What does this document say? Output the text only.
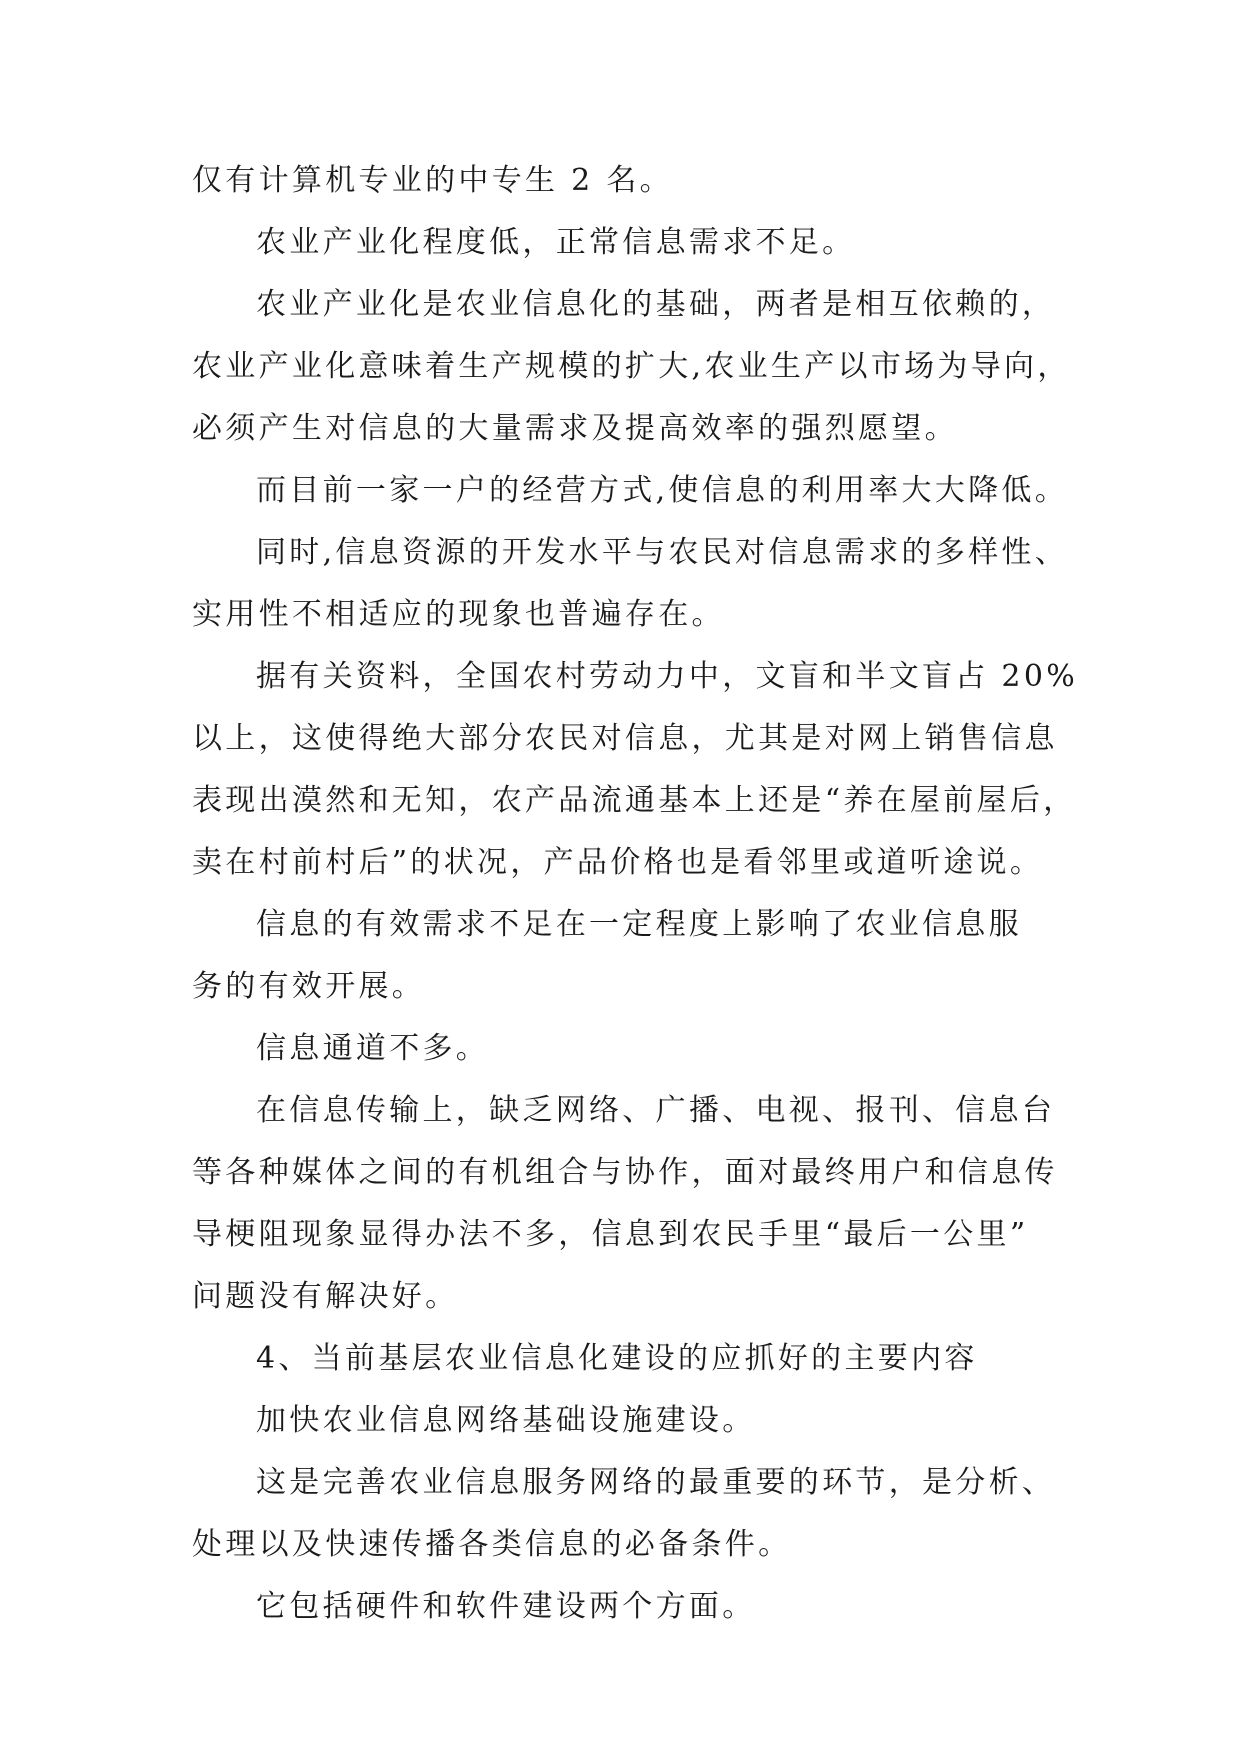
仅有计算机专业的中专生 2 名。
农业产业化程度低，正常信息需求不足。
农业产业化是农业信息化的基础，两者是相互依赖的，
农业产业化意味着生产规模的扩大,农业生产以市场为导向，
必须产生对信息的大量需求及提高效率的强烈愿望。
而目前一家一户的经营方式,使信息的利用率大大降低。
同时,信息资源的开发水平与农民对信息需求的多样性、
实用性不相适应的现象也普遍存在。
据有关资料，全国农村劳动力中，文盲和半文盲占 20%
以上，这使得绝大部分农民对信息，尤其是对网上销售信息
表现出漠然和无知，农产品流通基本上还是“养在屋前屋后，
卖在村前村后”的状况，产品价格也是看邻里或道听途说。
信息的有效需求不足在一定程度上影响了农业信息服
务的有效开展。
信息通道不多。
在信息传输上，缺乏网络、广播、电视、报刊、信息台
等各种媒体之间的有机组合与协作，面对最终用户和信息传
导梗阻现象显得办法不多，信息到农民手里“最后一公里”
问题没有解决好。
4、当前基层农业信息化建设的应抓好的主要内容
加快农业信息网络基础设施建设。
这是完善农业信息服务网络的最重要的环节，是分析、
处理以及快速传播各类信息的必备条件。
它包括硬件和软件建设两个方面。
